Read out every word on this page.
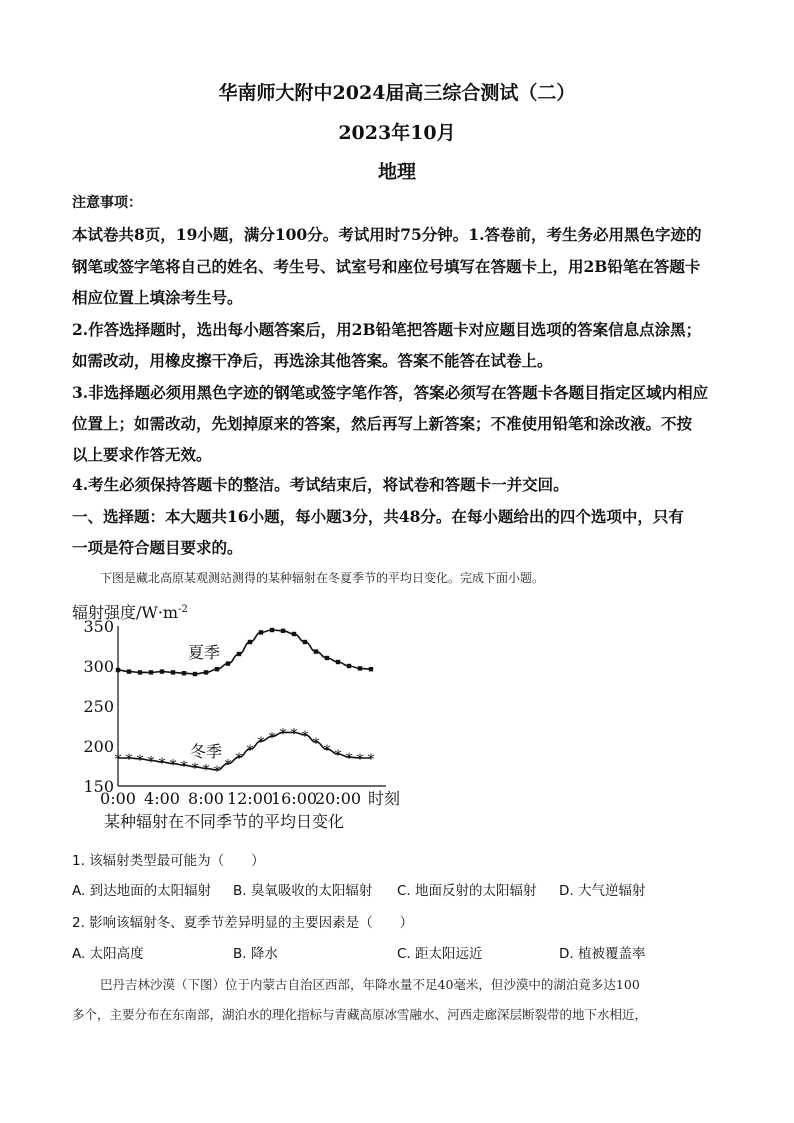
华南师大附中2024届高三综合测试（二）
2023年10月
地理
注意事项：
本试卷共8页，19小题，满分100分。考试用时75分钟。1.答卷前，考生务必用黑色字迹的
钢笔或签字笔将自己的姓名、考生号、试室号和座位号填写在答题卡上，用2B铅笔在答题卡
相应位置上填涂考生号。
2.作答选择题时，选出每小题答案后，用2B铅笔把答题卡对应题目选项的答案信息点涂黑；
如需改动，用橡皮擦干净后，再选涂其他答案。答案不能答在试卷上。
3.非选择题必须用黑色字迹的钢笔或签字笔作答，答案必须写在答题卡各题目指定区域内相应
位置上；如需改动，先划掉原来的答案，然后再写上新答案；不准使用铅笔和涂改液。不按
以上要求作答无效。
4.考生必须保持答题卡的整洁。考试结束后，将试卷和答题卡一并交回。
一、选择题：本大题共16小题，每小题3分，共48分。在每小题给出的四个选项中，只有
一项是符合题目要求的。
下图是藏北高原某观测站测得的某种辐射在冬夏季节的平均日变化。完成下面小题。
辐射强度$/W\cdot m^{-2}$
时刻
150
200
250
300
350
0:00 4:00 8:00 12:00
16:00
20:00
* * * * * * * * * * * * * * * * * * * * * * * *
夏季
冬季
某种辐射在不同季节的平均日变化
1. 该辐射类型最可能为（　　）
A. 到达地面的太阳辐射 B. 臭氧吸收的太阳辐射 C. 地面反射的太阳辐射 D. 大气逆辐射
2. 影响该辐射冬、夏季节差异明显的主要因素是（　　）
A. 太阳高度	B. 降水	C. 距太阳远近	D. 植被覆盖率
巴丹吉林沙漠（下图）位于内蒙古自治区西部，年降水量不足40毫米，但沙漠中的湖泊竟多达100
多个，主要分布在东南部，湖泊水的理化指标与青藏高原冰雪融水、河西走廊深层断裂带的地下水相近，
